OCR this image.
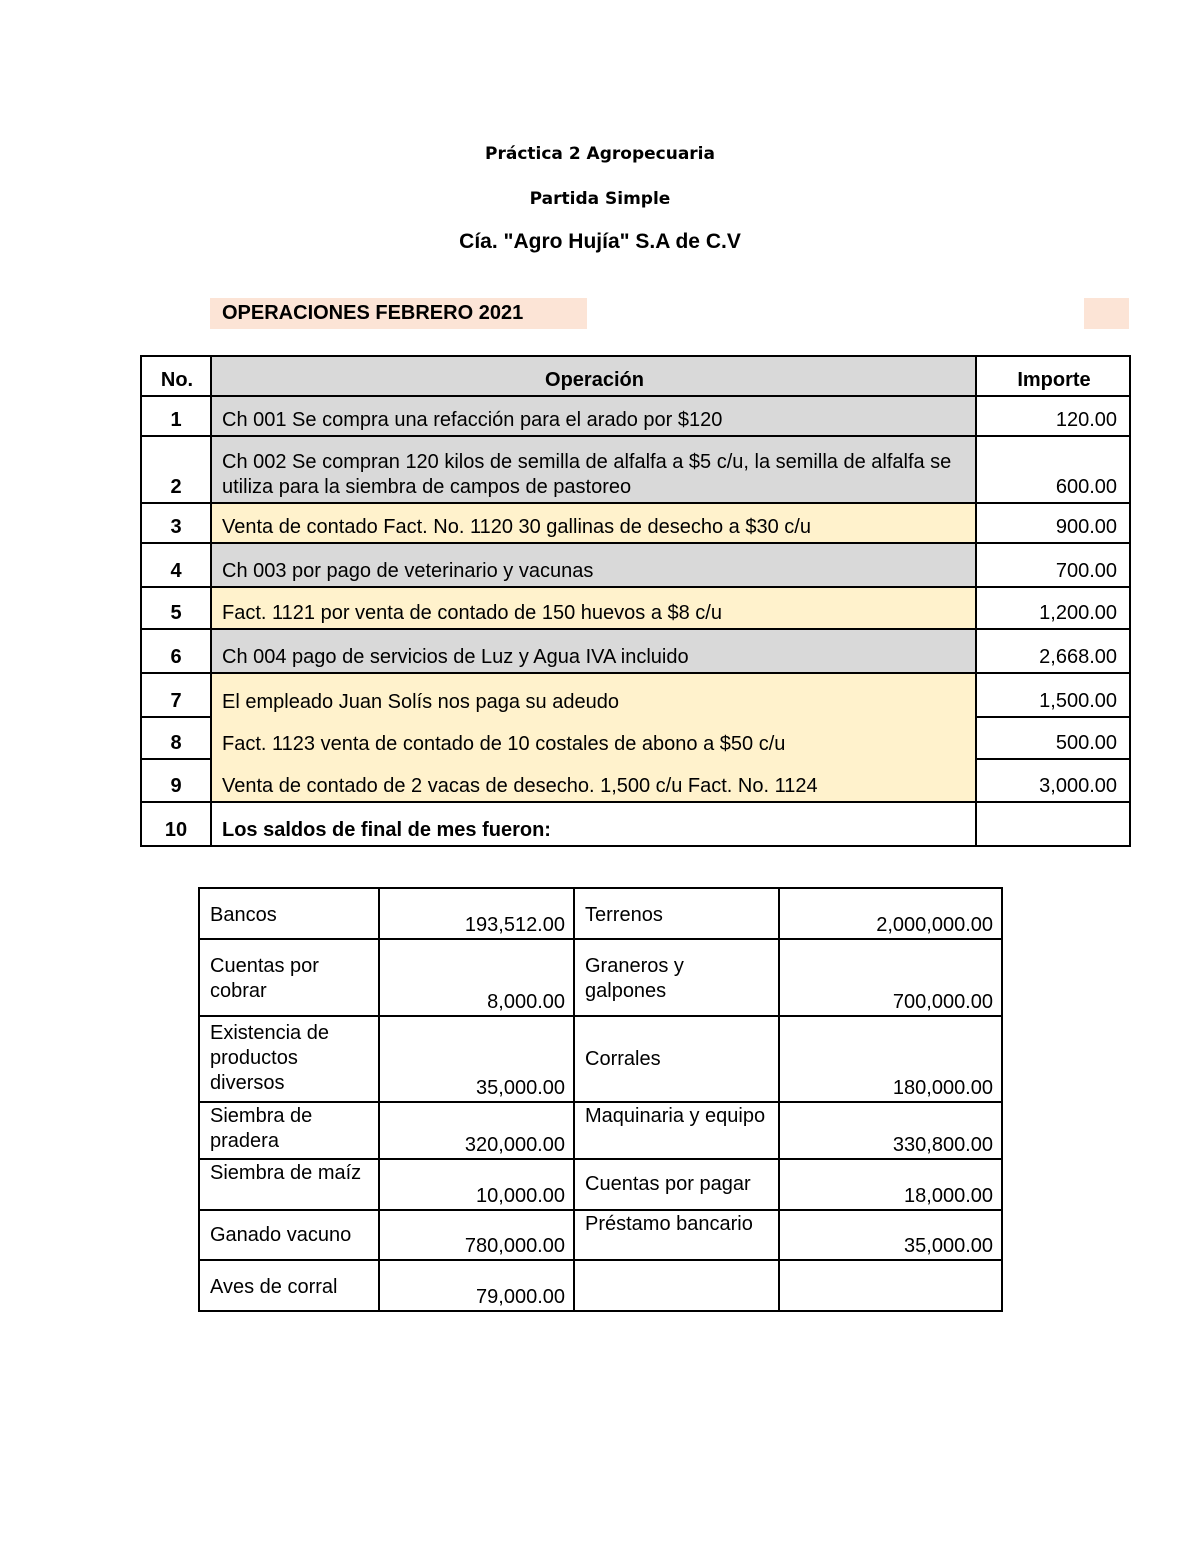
Práctica 2 Agropecuaria
Partida Simple
Cía. "Agro Hujía" S.A de C.V
OPERACIONES FEBRERO 2021
No.	Operación	Importe
1	Ch 001 Se compra una refacción para el arado por $120	120.00
2	Ch 002 Se compran 120 kilos de semilla de alfalfa a $5 c/u, la semilla de alfalfa se utiliza para la siembra de campos de pastoreo	600.00
3	Venta de contado Fact. No. 1120 30 gallinas de desecho a $30 c/u	900.00
4	Ch 003 por pago de veterinario y vacunas	700.00
5	Fact. 1121 por venta de contado de 150 huevos a $8 c/u	1,200.00
6	Ch 004 pago de servicios de Luz y Agua IVA incluido	2,668.00
7	El empleado Juan Solís nos paga su adeudo	1,500.00
8	Fact. 1123 venta de contado de 10 costales de abono a $50 c/u	500.00
9	Venta de contado de 2 vacas de desecho. 1,500 c/u Fact. No. 1124	3,000.00
10	Los saldos de final de mes fueron:	
Bancos	193,512.00	Terrenos	2,000,000.00
Cuentas por cobrar	8,000.00	Graneros y galpones	700,000.00
Existencia de productos diversos	35,000.00	Corrales	180,000.00
Siembra de pradera	320,000.00	Maquinaria y equipo	330,800.00
Siembra de maíz	10,000.00	Cuentas por pagar	18,000.00
Ganado vacuno	780,000.00	Préstamo bancario	35,000.00
Aves de corral	79,000.00		
